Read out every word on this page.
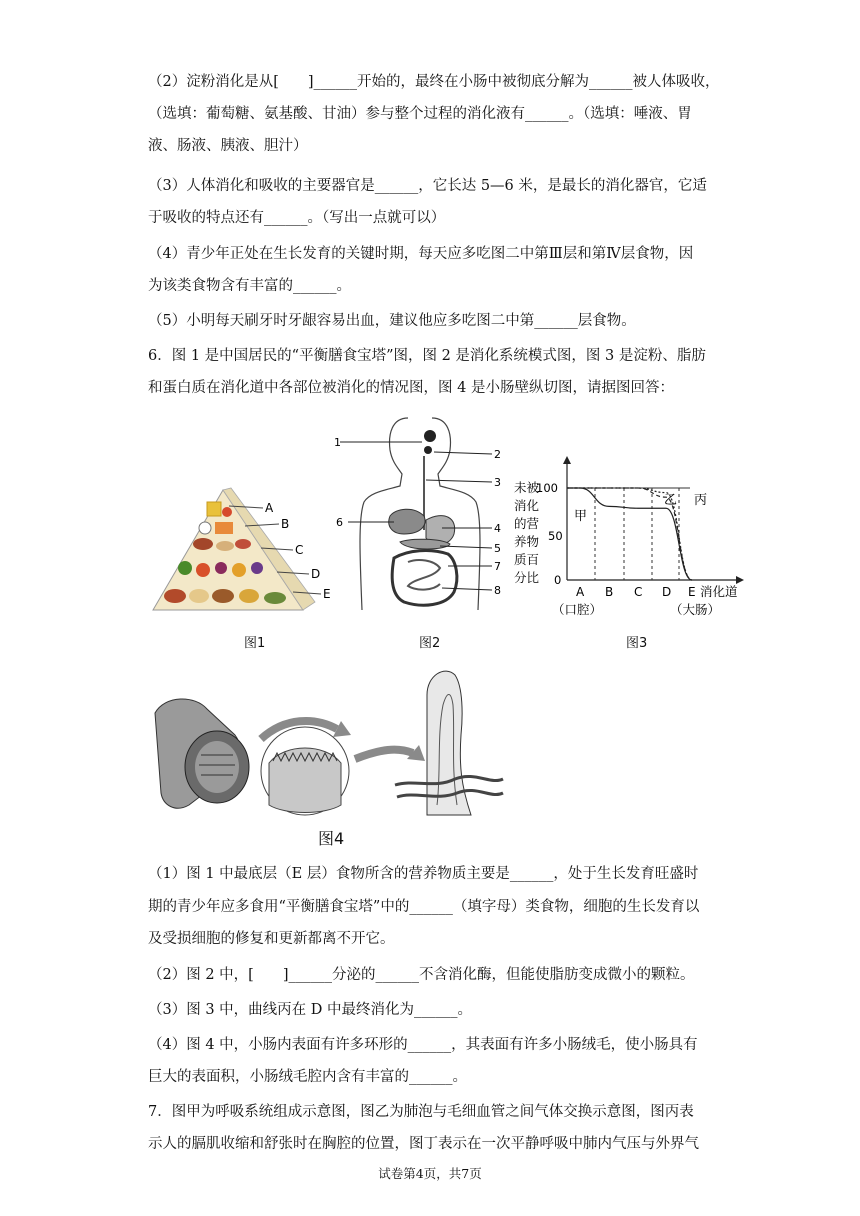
（2）淀粉消化是从[　　]______开始的，最终在小肠中被彻底分解为______被人体吸收，
（选填：葡萄糖、氨基酸、甘油）参与整个过程的消化液有______。（选填：唾液、胃
液、肠液、胰液、胆汁）
（3）人体消化和吸收的主要器官是______，它长达 5—6 米，是最长的消化器官，它适
于吸收的特点还有______。（写出一点就可以）
（4）青少年正处在生长发育的关键时期，每天应多吃图二中第Ⅲ层和第Ⅳ层食物，因
为该类食物含有丰富的______。
（5）小明每天刷牙时牙龈容易出血，建议他应多吃图二中第______层食物。
6．图 1 是中国居民的“平衡膳食宝塔”图，图 2 是消化系统模式图，图 3 是淀粉、脂肪
和蛋白质在消化道中各部位被消化的情况图，图 4 是小肠壁纵切图，请据图回答：
A
B
C
D
E
图1
1
2
3
4
5
6
7
8
图2
未被
消化
的营
养物
质百
分比
100
50
0
A B C D E
甲
乙 丙
消化道
（口腔）	（大肠）
图3
图4
（1）图 1 中最底层（E 层）食物所含的营养物质主要是______，处于生长发育旺盛时
期的青少年应多食用“平衡膳食宝塔”中的______（填字母）类食物，细胞的生长发育以
及受损细胞的修复和更新都离不开它。
（2）图 2 中，[　　]______分泌的______不含消化酶，但能使脂肪变成微小的颗粒。
（3）图 3 中，曲线丙在 D 中最终消化为______。
（4）图 4 中，小肠内表面有许多环形的______，其表面有许多小肠绒毛，使小肠具有
巨大的表面积，小肠绒毛腔内含有丰富的______。
7．图甲为呼吸系统组成示意图，图乙为肺泡与毛细血管之间气体交换示意图，图丙表
示人的膈肌收缩和舒张时在胸腔的位置，图丁表示在一次平静呼吸中肺内气压与外界气
试卷第4页，共7页
